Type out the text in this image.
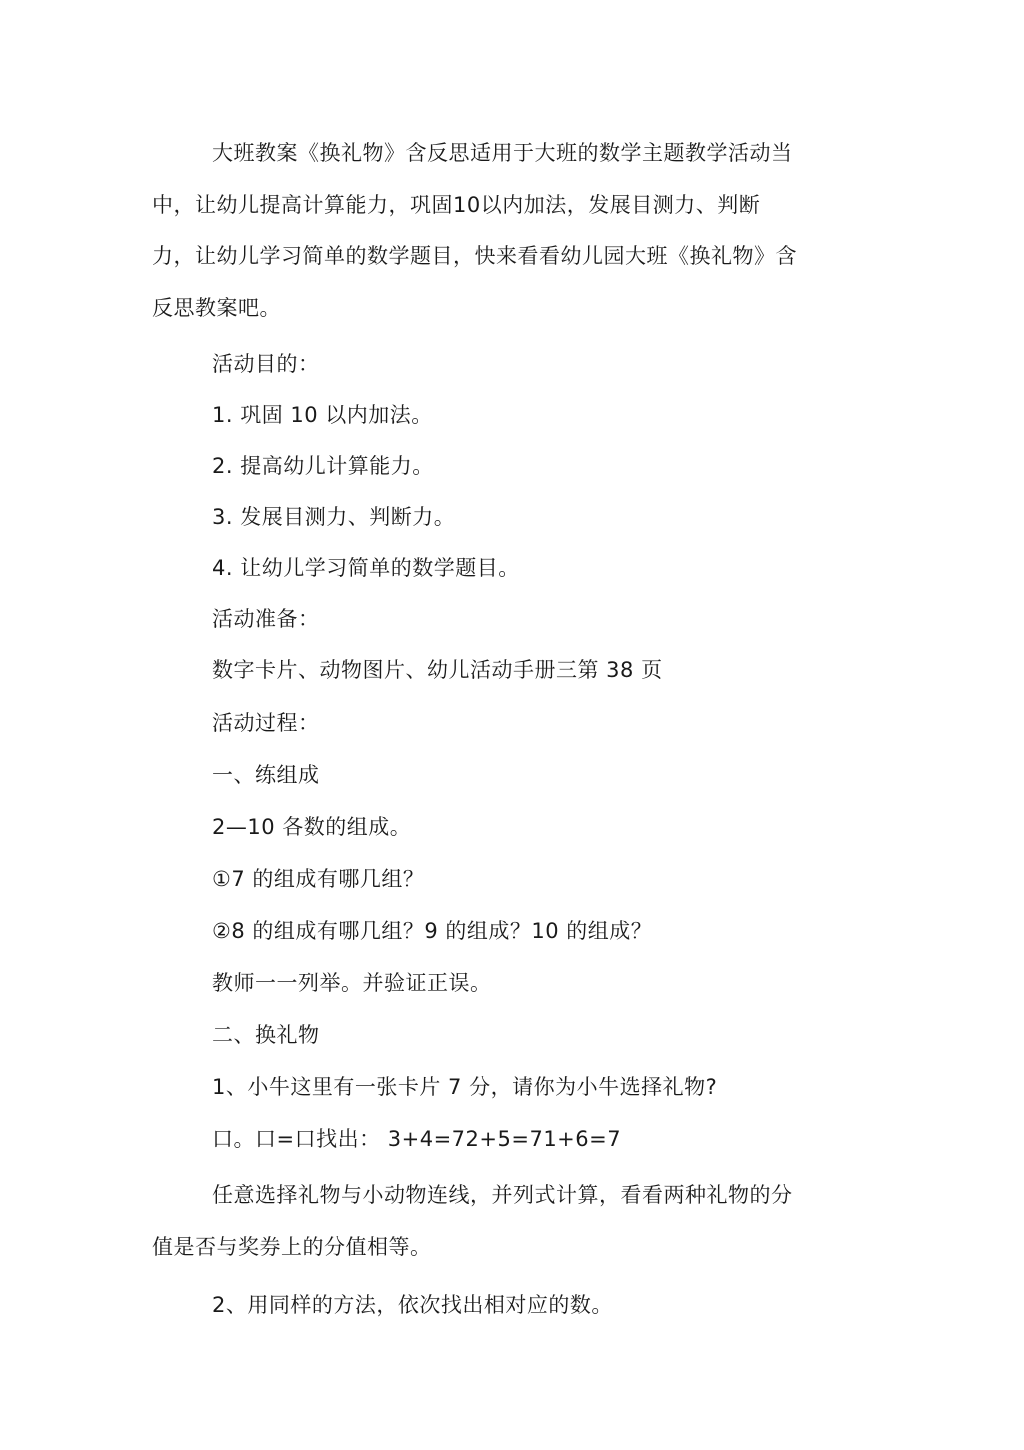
大班教案《换礼物》含反思适用于大班的数学主题教学活动当中，让幼儿提高计算能力，巩固10以内加法，发展目测力、判断力，让幼儿学习简单的数学题目，快来看看幼儿园大班《换礼物》含反思教案吧。

活动目的：

1. 巩固 10 以内加法。

2. 提高幼儿计算能力。

3. 发展目测力、判断力。

4. 让幼儿学习简单的数学题目。

活动准备：

数字卡片、动物图片、幼儿活动手册三第 38 页

活动过程：

一、练组成

2—10 各数的组成。

①7 的组成有哪几组？

②8 的组成有哪几组？9 的组成？10 的组成？

教师一一列举。并验证正误。

二、换礼物

1、小牛这里有一张卡片 7 分，请你为小牛选择礼物?

口。口=口找出： 3+4=72+5=71+6=7

任意选择礼物与小动物连线，并列式计算，看看两种礼物的分值是否与奖券上的分值相等。

2、用同样的方法，依次找出相对应的数。
